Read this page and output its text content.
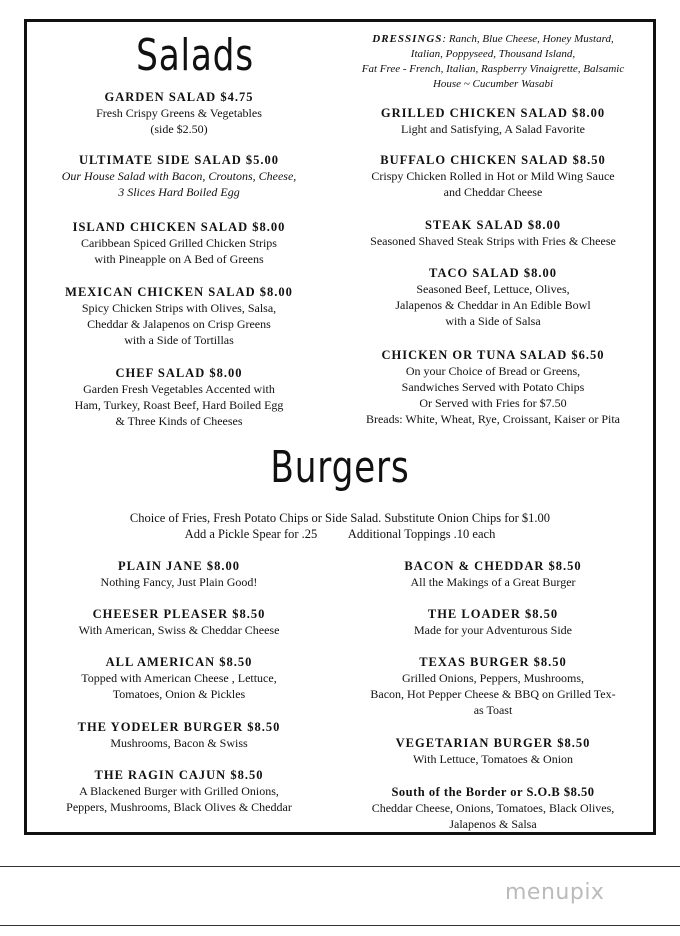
Salads	DRESSINGS: Ranch, Blue Cheese, Honey Mustard,
Italian, Poppyseed, Thousand Island,
Fat Free - French, Italian, Raspberry Vinaigrette, Balsamic
House ~ Cucumber Wasabi
GARDEN SALAD $4.75
Fresh Crispy Greens & Vegetables
(side $2.50)
ULTIMATE SIDE SALAD $5.00
Our House Salad with Bacon, Croutons, Cheese,
3 Slices Hard Boiled Egg
ISLAND CHICKEN SALAD $8.00
Caribbean Spiced Grilled Chicken Strips
with Pineapple on A Bed of Greens
MEXICAN CHICKEN SALAD $8.00
Spicy Chicken Strips with Olives, Salsa,
Cheddar & Jalapenos on Crisp Greens
with a Side of Tortillas
CHEF SALAD $8.00
Garden Fresh Vegetables Accented with
Ham, Turkey, Roast Beef, Hard Boiled Egg
& Three Kinds of Cheeses
GRILLED CHICKEN SALAD $8.00
Light and Satisfying, A Salad Favorite
BUFFALO CHICKEN SALAD $8.50
Crispy Chicken Rolled in Hot or Mild Wing Sauce
and Cheddar Cheese
STEAK SALAD $8.00
Seasoned Shaved Steak Strips with Fries & Cheese
TACO SALAD $8.00
Seasoned Beef, Lettuce, Olives,
Jalapenos & Cheddar in An Edible Bowl
with a Side of Salsa
CHICKEN OR TUNA SALAD $6.50
On your Choice of Bread or Greens,
Sandwiches Served with Potato Chips
Or Served with Fries for $7.50
Breads: White, Wheat, Rye, Croissant, Kaiser or Pita
Burgers
Choice of Fries, Fresh Potato Chips or Side Salad. Substitute Onion Chips for $1.00
Add a Pickle Spear for .25          Additional Toppings .10 each
PLAIN JANE $8.00
Nothing Fancy, Just Plain Good!
CHEESER PLEASER $8.50
With American, Swiss & Cheddar Cheese
ALL AMERICAN $8.50
Topped with American Cheese , Lettuce,
Tomatoes, Onion & Pickles
THE YODELER BURGER $8.50
Mushrooms, Bacon & Swiss
THE RAGIN CAJUN $8.50
A Blackened Burger with Grilled Onions,
Peppers, Mushrooms, Black Olives & Cheddar
BACON & CHEDDAR $8.50
All the Makings of a Great Burger
THE LOADER $8.50
Made for your Adventurous Side
TEXAS BURGER $8.50
Grilled Onions, Peppers, Mushrooms,
Bacon, Hot Pepper Cheese & BBQ on Grilled Tex-
as Toast
VEGETARIAN BURGER $8.50
With Lettuce, Tomatoes & Onion
South of the Border or S.O.B $8.50
Cheddar Cheese, Onions, Tomatoes, Black Olives,
Jalapenos & Salsa
menupix
